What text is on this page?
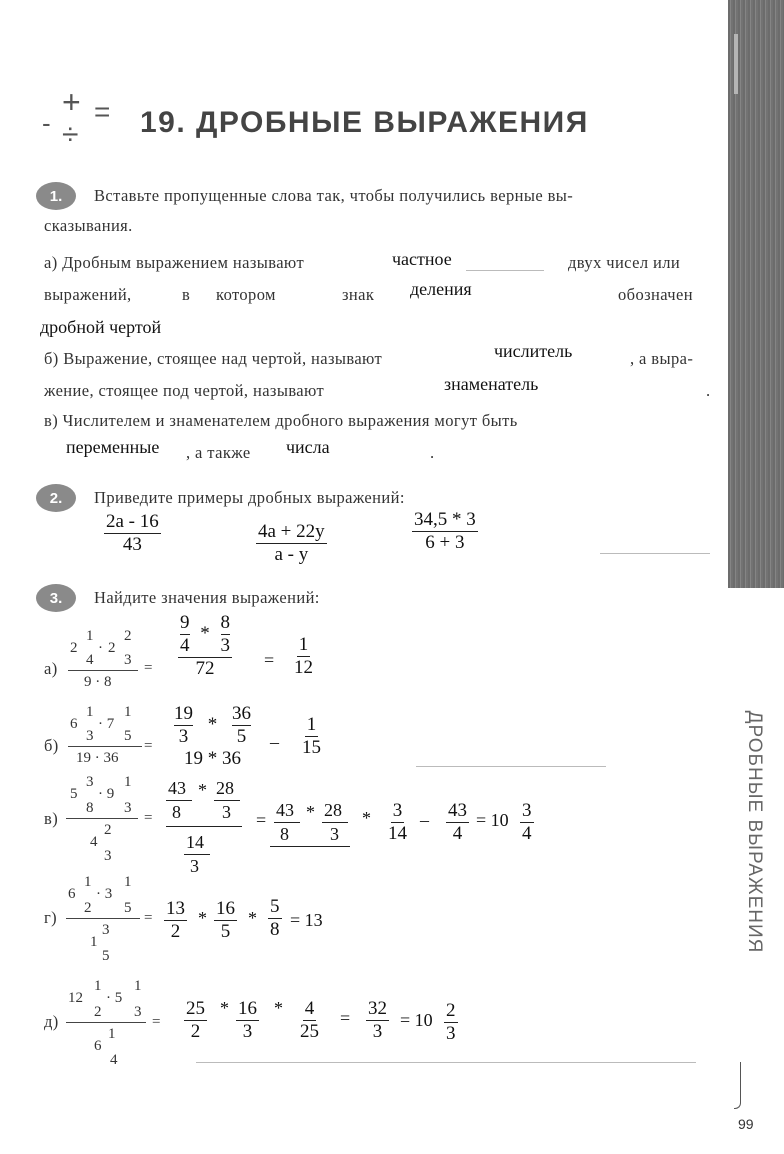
ДРОБНЫЕ ВЫРАЖЕНИЯ
-
+ =
÷ 19. ДРОБНЫЕ ВЫРАЖЕНИЯ
1.	Вставьте пропущенные слова так, чтобы получились верные вы-
сказывания.
а) Дробным выражением называют	частное	двух чисел или
выражений,	в котором	знак деления	обозначен
дробной чертой
б) Выражение, стоящее над чертой, называют	числитель	, а выра-
жение, стоящее под чертой, называют	знаменатель	.
в) Числителем и знаменателем дробного выражения могут быть
переменные , а также числа	.
2.	Приведите примеры дробных выражений:
$\frac{2a - 16}{43}$	$\frac{4a + 22y}{a - y}$	$\frac{34,5 * 3}{6 + 3}$
3.	Найдите значения выражений:
а)
2
1
4
· 2
2
3
9 · 8
= $\frac{\frac{9}{4} * \frac{8}{3}}{72} = \frac{1}{12}$
б)
6
1
3
· 7
1
5
19 · 36
= $\frac{19}{3} * \frac{36}{5}$
19 * 36
– $\frac{1}{15}$
в)
5
3
8
· 9
1
3
4
2
3
=
43
8
* 28
3
14
3
= 43
8
* 28
3
* $\frac{3}{14} - \frac{43}{4} = 10 \frac{3}{4}$
г)
6
1
2
· 3
1
5
1
3
5
= $\frac{13}{2} * \frac{16}{5} * \frac{5}{8} = 13$
д)
12
1
2
· 5
1
3
6
1
4
= $\frac{25}{2} * \frac{16}{3} * \frac{4}{25} = \frac{32}{3} = 10 \frac{2}{3}$
99
